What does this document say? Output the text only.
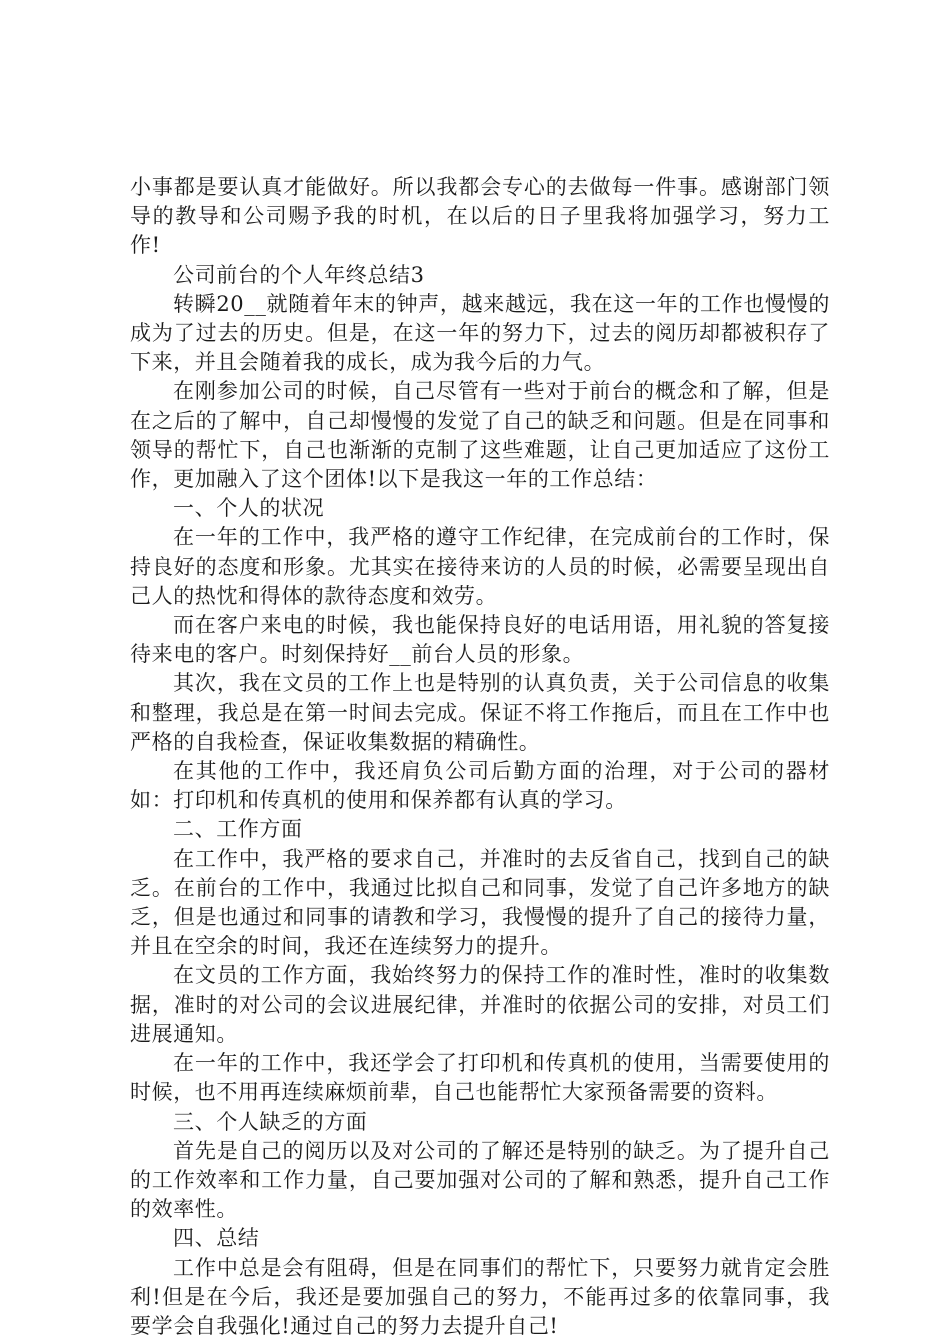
小事都是要认真才能做好。所以我都会专心的去做每一件事。感谢部门领导的教导和公司赐予我的时机，在以后的日子里我将加强学习，努力工作!

公司前台的个人年终总结3

转瞬20__就随着年末的钟声，越来越远，我在这一年的工作也慢慢的成为了过去的历史。但是，在这一年的努力下，过去的阅历却都被积存了下来，并且会随着我的成长，成为我今后的力气。

在刚参加公司的时候，自己尽管有一些对于前台的概念和了解，但是在之后的了解中，自己却慢慢的发觉了自己的缺乏和问题。但是在同事和领导的帮忙下，自己也渐渐的克制了这些难题，让自己更加适应了这份工作，更加融入了这个团体!以下是我这一年的工作总结：

一、个人的状况

在一年的工作中，我严格的遵守工作纪律，在完成前台的工作时，保持良好的态度和形象。尤其实在接待来访的人员的时候，必需要呈现出自己人的热忱和得体的款待态度和效劳。

而在客户来电的时候，我也能保持良好的电话用语，用礼貌的答复接待来电的客户。时刻保持好__前台人员的形象。

其次，我在文员的工作上也是特别的认真负责，关于公司信息的收集和整理，我总是在第一时间去完成。保证不将工作拖后，而且在工作中也严格的自我检查，保证收集数据的精确性。

在其他的工作中，我还肩负公司后勤方面的治理，对于公司的器材如：打印机和传真机的使用和保养都有认真的学习。

二、工作方面

在工作中，我严格的要求自己，并准时的去反省自己，找到自己的缺乏。在前台的工作中，我通过比拟自己和同事，发觉了自己许多地方的缺乏，但是也通过和同事的请教和学习，我慢慢的提升了自己的接待力量，并且在空余的时间，我还在连续努力的提升。

在文员的工作方面，我始终努力的保持工作的准时性，准时的收集数据，准时的对公司的会议进展纪律，并准时的依据公司的安排，对员工们进展通知。

在一年的工作中，我还学会了打印机和传真机的使用，当需要使用的时候，也不用再连续麻烦前辈，自己也能帮忙大家预备需要的资料。

三、个人缺乏的方面

首先是自己的阅历以及对公司的了解还是特别的缺乏。为了提升自己的工作效率和工作力量，自己要加强对公司的了解和熟悉，提升自己工作的效率性。

四、总结

工作中总是会有阻碍，但是在同事们的帮忙下，只要努力就肯定会胜利!但是在今后，我还是要加强自己的努力，不能再过多的依靠同事，我要学会自我强化!通过自己的努力去提升自己!
